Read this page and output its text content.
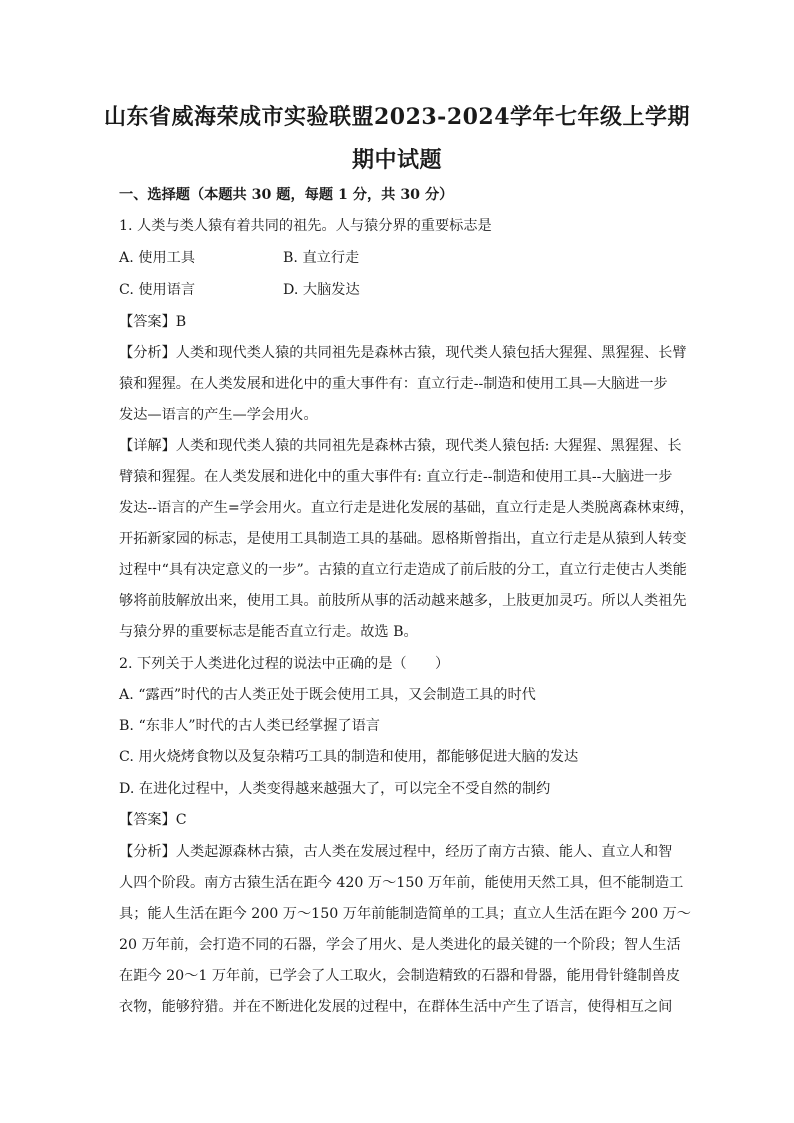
山东省威海荣成市实验联盟2023-2024学年七年级上学期
期中试题
一、选择题（本题共 30 题，每题 1 分，共 30 分）
1. 人类与类人猿有着共同的祖先。人与猿分界的重要标志是
A. 使用工具	B. 直立行走
C. 使用语言	D. 大脑发达
【答案】B
【分析】人类和现代类人猿的共同祖先是森林古猿，现代类人猿包括大猩猩、黑猩猩、长臂
猿和猩猩。在人类发展和进化中的重大事件有：直立行走--制造和使用工具—大脑进一步
发达—语言的产生—学会用火。
【详解】人类和现代类人猿的共同祖先是森林古猿，现代类人猿包括: 大猩猩、黑猩猩、长
臂猿和猩猩。在人类发展和进化中的重大事件有: 直立行走--制造和使用工具--大脑进一步
发达--语言的产生=学会用火。直立行走是进化发展的基础，直立行走是人类脱离森林束缚，
开拓新家园的标志，是使用工具制造工具的基础。恩格斯曾指出，直立行走是从猿到人转变
过程中“具有决定意义的一步”。古猿的直立行走造成了前后肢的分工，直立行走使古人类能
够将前肢解放出来，使用工具。前肢所从事的活动越来越多，上肢更加灵巧。所以人类祖先
与猿分界的重要标志是能否直立行走。故选 B。
2. 下列关于人类进化过程的说法中正确的是（　　）
A. “露西”时代的古人类正处于既会使用工具，又会制造工具的时代
B. “东非人”时代的古人类已经掌握了语言
C. 用火烧烤食物以及复杂精巧工具的制造和使用，都能够促进大脑的发达
D. 在进化过程中，人类变得越来越强大了，可以完全不受自然的制约
【答案】C
【分析】人类起源森林古猿，古人类在发展过程中，经历了南方古猿、能人、直立人和智
人四个阶段。南方古猿生活在距今 420 万～150 万年前，能使用天然工具，但不能制造工
具；能人生活在距今 200 万～150 万年前能制造简单的工具；直立人生活在距今 200 万～
20 万年前，会打造不同的石器，学会了用火、是人类进化的最关键的一个阶段；智人生活
在距今 20～1 万年前，已学会了人工取火，会制造精致的石器和骨器，能用骨针缝制兽皮
衣物，能够狩猎。并在不断进化发展的过程中，在群体生活中产生了语言，使得相互之间
